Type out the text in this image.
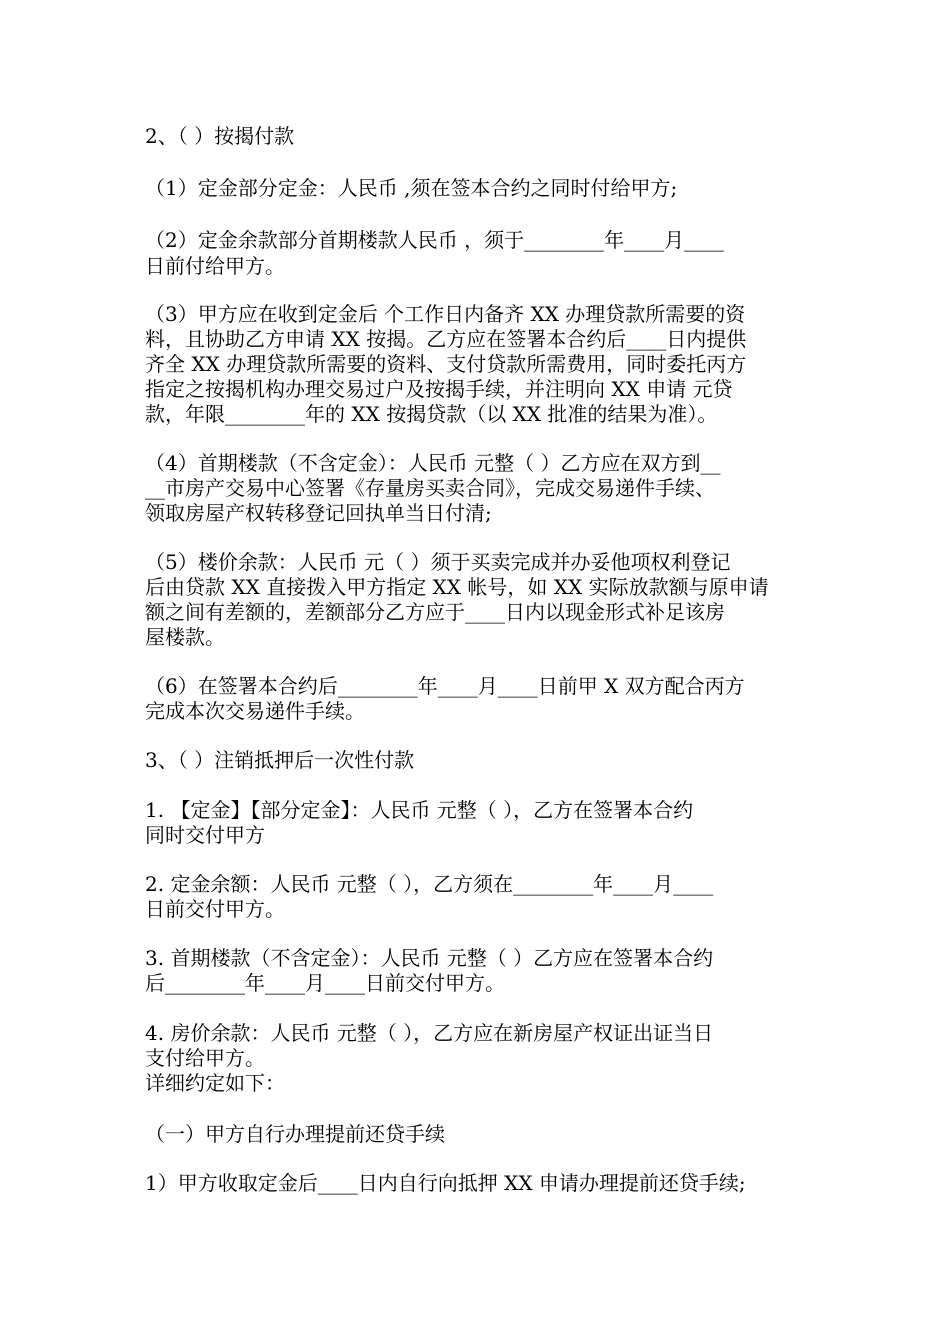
2、（ ）按揭付款

（1）定金部分定金：人民币 ,须在签本合约之同时付给甲方;

（2）定金余款部分首期楼款人民币 ，须于________年____月____

日前付给甲方。

（3）甲方应在收到定金后 个工作日内备齐 XX 办理贷款所需要的资

料，且协助乙方申请 XX 按揭。乙方应在签署本合约后____日内提供

齐全 XX 办理贷款所需要的资料、支付贷款所需费用，同时委托丙方

指定之按揭机构办理交易过户及按揭手续，并注明向 XX 申请 元贷

款，年限________年的 XX 按揭贷款（以 XX 批准的结果为准）。

（4）首期楼款（不含定金）：人民币 元整（ ）乙方应在双方到__

__市房产交易中心签署《存量房买卖合同》，完成交易递件手续、

领取房屋产权转移登记回执单当日付清;

（5）楼价余款：人民币 元（ ）须于买卖完成并办妥他项权利登记

后由贷款 XX 直接拨入甲方指定 XX 帐号，如 XX 实际放款额与原申请

额之间有差额的，差额部分乙方应于____日内以现金形式补足该房

屋楼款。

（6）在签署本合约后________年____月____日前甲 X 双方配合丙方

完成本次交易递件手续。

3、（ ）注销抵押后一次性付款

1. 【定金】【部分定金】：人民币 元整（ ），乙方在签署本合约

同时交付甲方

2. 定金余额：人民币 元整（ ），乙方须在________年____月____

日前交付甲方。

3. 首期楼款（不含定金）：人民币 元整（ ）乙方应在签署本合约

后________年____月____日前交付甲方。

4. 房价余款：人民币 元整（ ），乙方应在新房屋产权证出证当日

支付给甲方。

详细约定如下：

（一）甲方自行办理提前还贷手续

1）甲方收取定金后____日内自行向抵押 XX 申请办理提前还贷手续;
